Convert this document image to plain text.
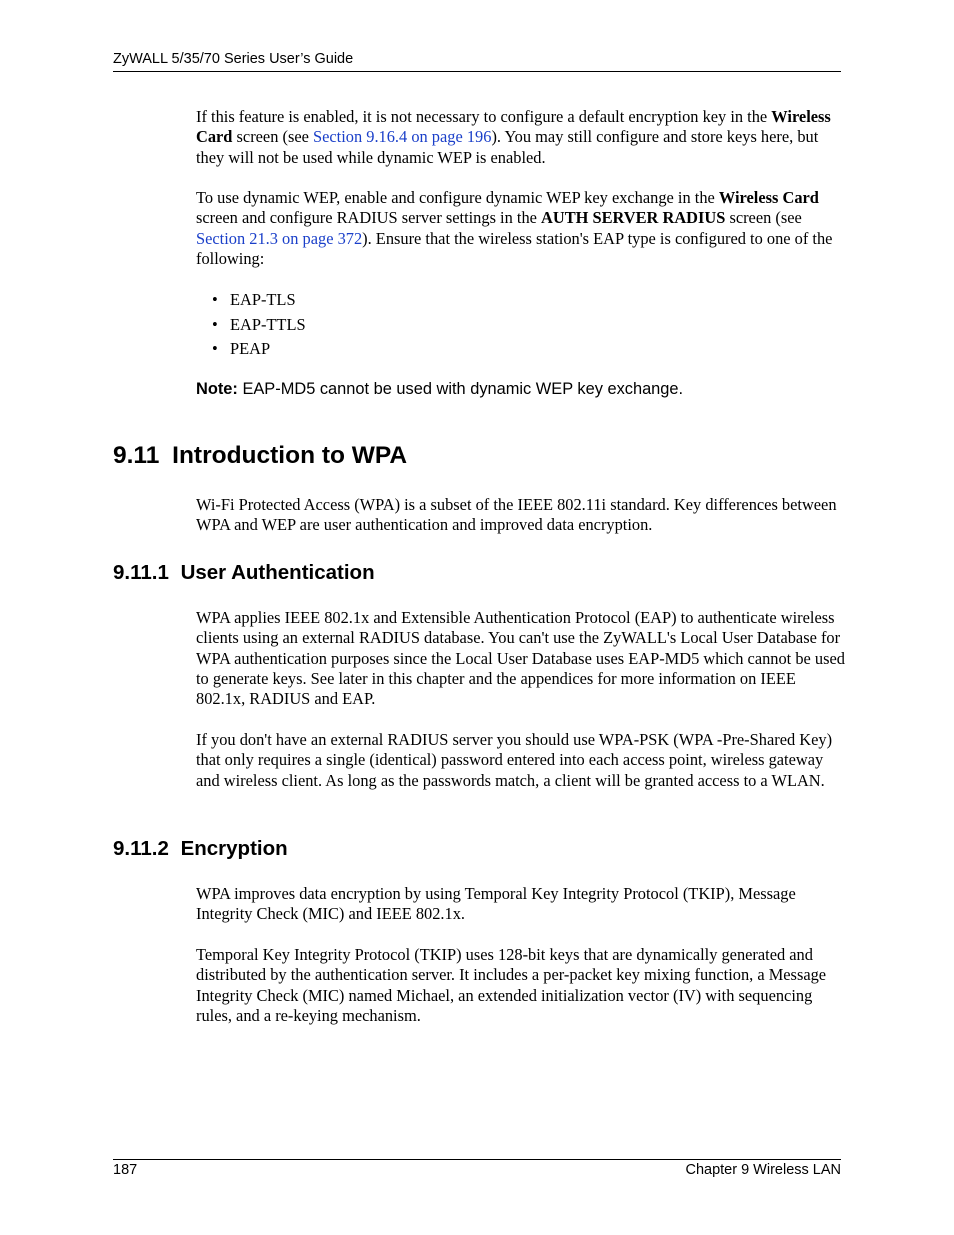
ZyWALL 5/35/70 Series User’s Guide

If this feature is enabled, it is not necessary to configure a default encryption key in the Wireless Card screen (see Section 9.16.4 on page 196). You may still configure and store keys here, but they will not be used while dynamic WEP is enabled.

To use dynamic WEP, enable and configure dynamic WEP key exchange in the Wireless Card screen and configure RADIUS server settings in the AUTH SERVER RADIUS screen (see Section 21.3 on page 372). Ensure that the wireless station's EAP type is configured to one of the following:

• EAP-TLS
• EAP-TTLS
• PEAP
Note: EAP-MD5 cannot be used with dynamic WEP key exchange.
9.11 Introduction to WPA

Wi-Fi Protected Access (WPA) is a subset of the IEEE 802.11i standard. Key differences between WPA and WEP are user authentication and improved data encryption.

9.11.1 User Authentication

WPA applies IEEE 802.1x and Extensible Authentication Protocol (EAP) to authenticate wireless clients using an external RADIUS database. You can't use the ZyWALL's Local User Database for WPA authentication purposes since the Local User Database uses EAP-MD5 which cannot be used to generate keys. See later in this chapter and the appendices for more information on IEEE 802.1x, RADIUS and EAP.

If you don't have an external RADIUS server you should use WPA-PSK (WPA -Pre-Shared Key) that only requires a single (identical) password entered into each access point, wireless gateway and wireless client. As long as the passwords match, a client will be granted access to a WLAN.

9.11.2 Encryption

WPA improves data encryption by using Temporal Key Integrity Protocol (TKIP), Message Integrity Check (MIC) and IEEE 802.1x.

Temporal Key Integrity Protocol (TKIP) uses 128-bit keys that are dynamically generated and distributed by the authentication server. It includes a per-packet key mixing function, a Message Integrity Check (MIC) named Michael, an extended initialization vector (IV) with sequencing rules, and a re-keying mechanism.

187	Chapter 9 Wireless LAN
